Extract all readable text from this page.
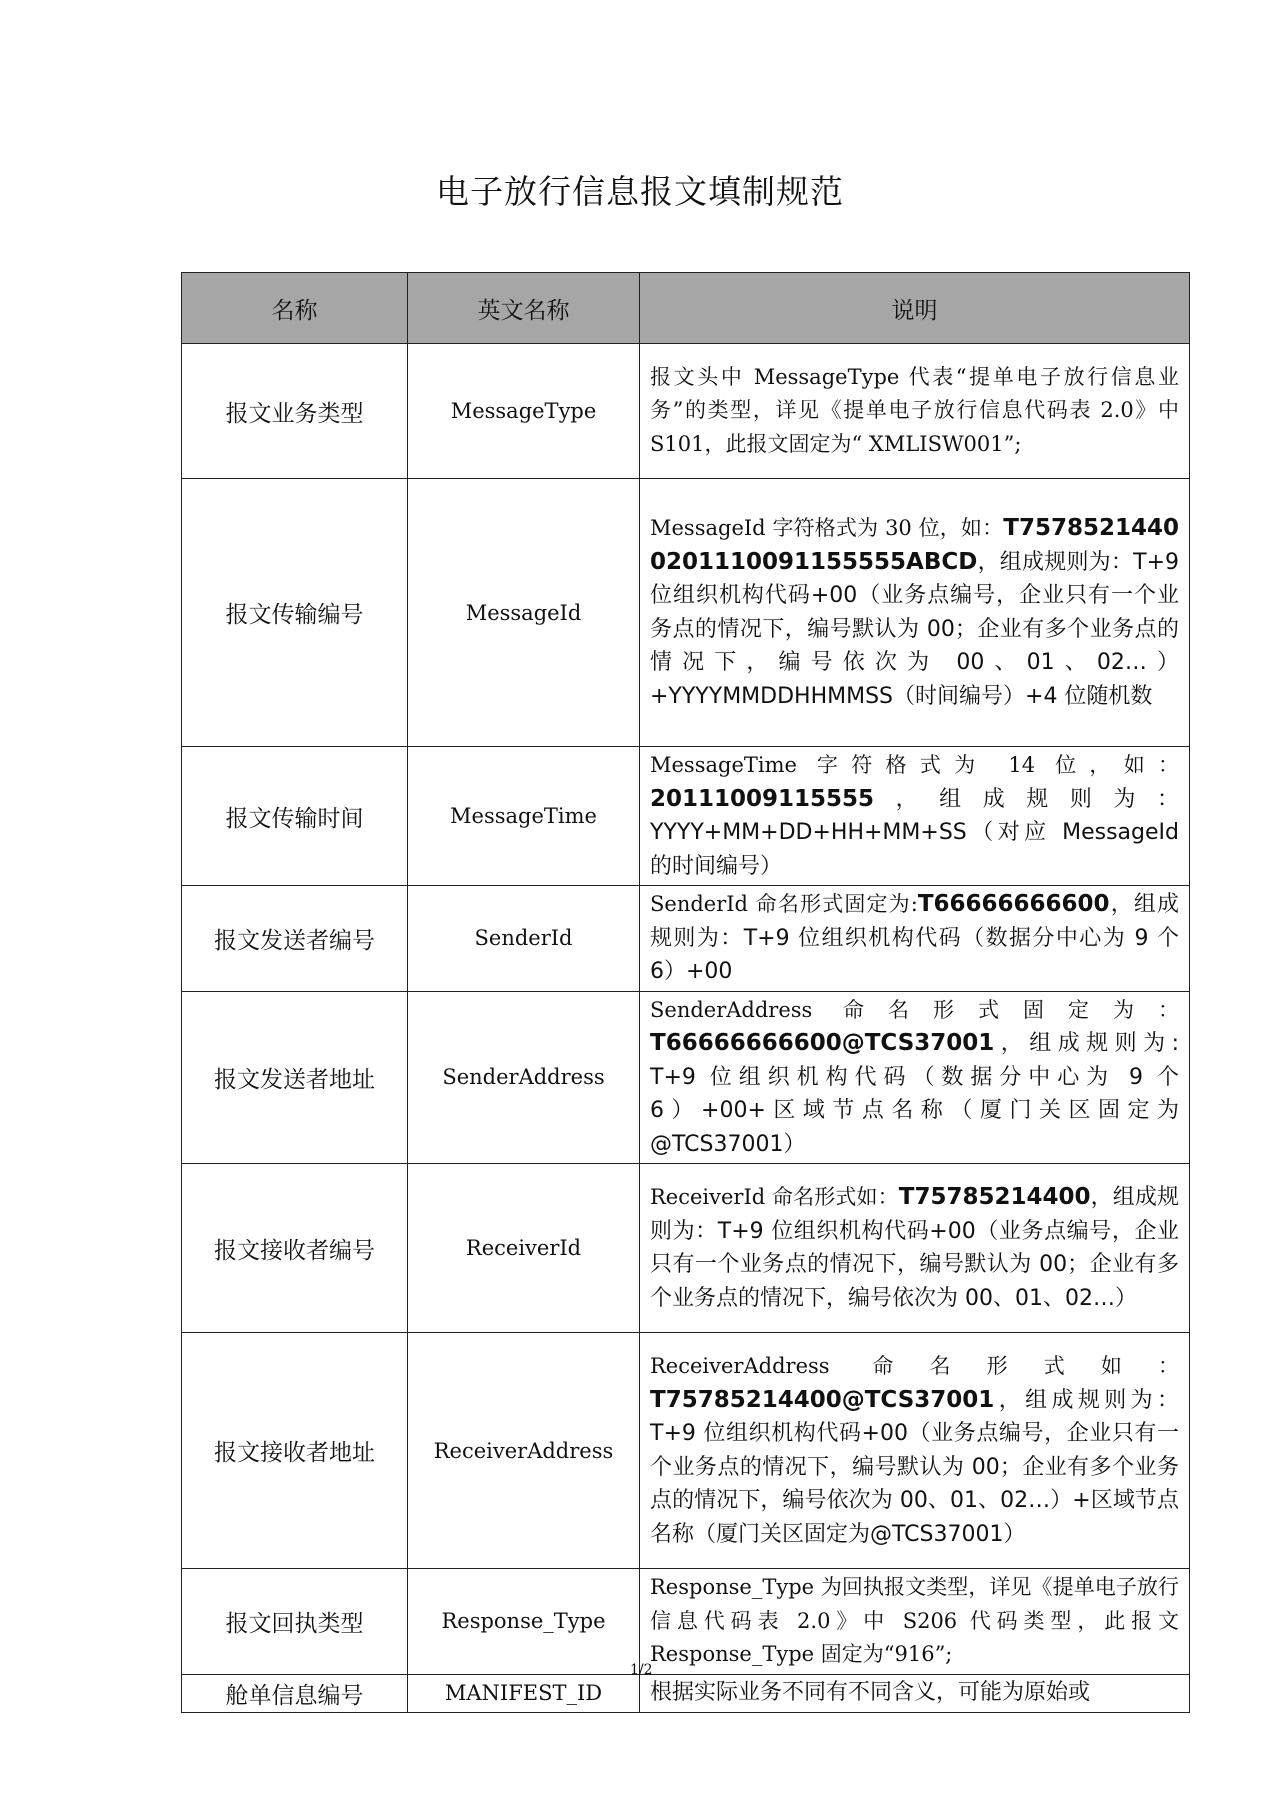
电子放行信息报文填制规范
名称	英文名称	说明
报文业务类型	MessageType	报文头中 MessageType 代表“提单电子放行信息业务”的类型，详见《提单电子放行信息代码表 2.0》中 S101，此报文固定为“ XMLISW001”;
报文传输编号	MessageId	MessageId 字符格式为 30 位，如：T75785214400201110091155555ABCD，组成规则为：T+9 位组织机构代码+00（业务点编号，企业只有一个业务点的情况下，编号默认为 00；企业有多个业务点的情况下，编号依次为 00、01、02…）+YYYYMMDDHHMMSS（时间编号）+4 位随机数
报文传输时间	MessageTime	MessageTime 字符格式为 14 位，如：20111009115555，组成规则为：YYYY+MM+DD+HH+MM+SS（对应 MessageId 的时间编号）
报文发送者编号	SenderId	SenderId 命名形式固定为:T66666666600，组成规则为：T+9 位组织机构代码（数据分中心为 9 个 6）+00
报文发送者地址	SenderAddress	SenderAddress 命名形式固定为：T66666666600@TCS37001，组成规则为: T+9 位组织机构代码（数据分中心为 9 个 6）+00+区域节点名称（厦门关区固定为@TCS37001）
报文接收者编号	ReceiverId	ReceiverId 命名形式如：T75785214400，组成规则为：T+9 位组织机构代码+00（业务点编号，企业只有一个业务点的情况下，编号默认为 00；企业有多个业务点的情况下，编号依次为 00、01、02…）
报文接收者地址	ReceiverAddress	ReceiverAddress 命名形式如：T75785214400@TCS37001，组成规则为：T+9 位组织机构代码+00（业务点编号，企业只有一个业务点的情况下，编号默认为 00；企业有多个业务点的情况下，编号依次为 00、01、02…）+区域节点名称（厦门关区固定为@TCS37001）
报文回执类型	Response_Type	Response_Type 为回执报文类型，详见《提单电子放行信息代码表 2.0》中 S206 代码类型，此报文 Response_Type 固定为“916”;
舱单信息编号	MANIFEST_ID	根据实际业务不同有不同含义，可能为原始或
1/2
